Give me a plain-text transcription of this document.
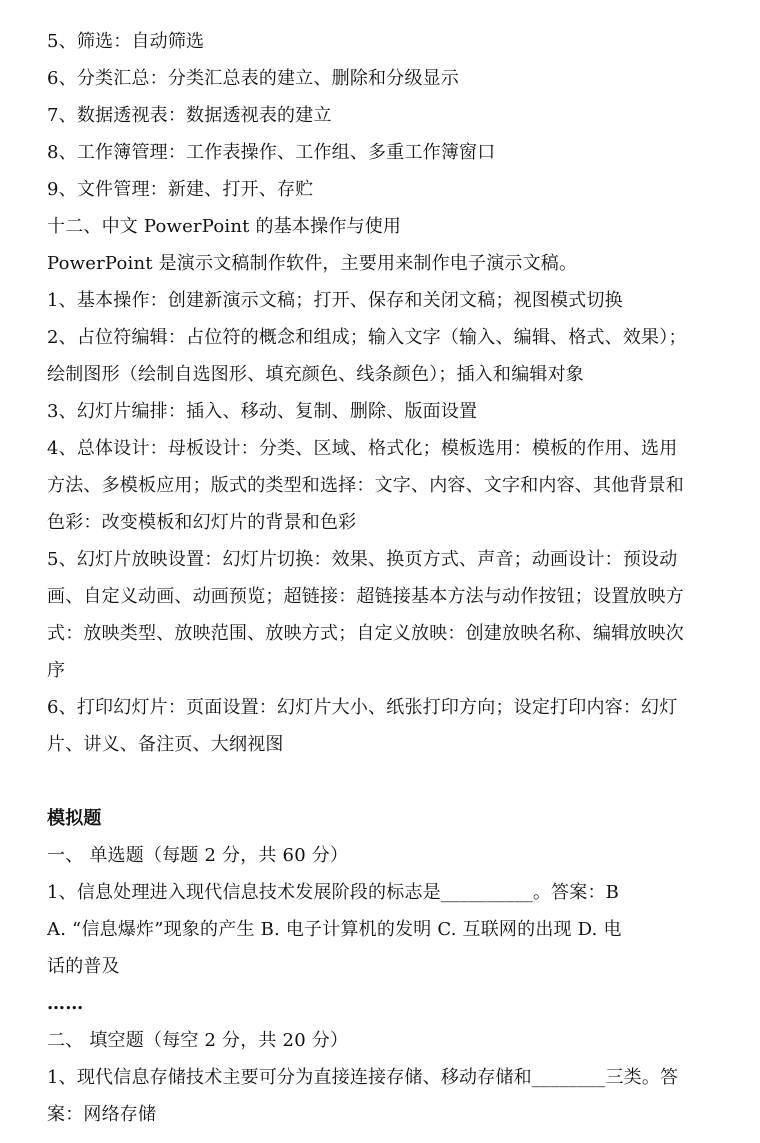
5、筛选：自动筛选
6、分类汇总：分类汇总表的建立、删除和分级显示
7、数据透视表：数据透视表的建立
8、工作簿管理：工作表操作、工作组、多重工作簿窗口
9、文件管理：新建、打开、存贮
十二、中文 PowerPoint 的基本操作与使用
PowerPoint 是演示文稿制作软件，主要用来制作电子演示文稿。
1、基本操作：创建新演示文稿；打开、保存和关闭文稿；视图模式切换
2、占位符编辑：占位符的概念和组成；输入文字（输入、编辑、格式、效果）；
绘制图形（绘制自选图形、填充颜色、线条颜色）；插入和编辑对象
3、幻灯片编排：插入、移动、复制、删除、版面设置
4、总体设计：母板设计：分类、区域、格式化；模板选用：模板的作用、选用
方法、多模板应用；版式的类型和选择：文字、内容、文字和内容、其他背景和
色彩：改变模板和幻灯片的背景和色彩
5、幻灯片放映设置：幻灯片切换：效果、换页方式、声音；动画设计：预设动
画、自定义动画、动画预览；超链接：超链接基本方法与动作按钮；设置放映方
式：放映类型、放映范围、放映方式；自定义放映：创建放映名称、编辑放映次
序
6、打印幻灯片：页面设置：幻灯片大小、纸张打印方向；设定打印内容：幻灯
片、讲义、备注页、大纲视图
模拟题
一、 单选题（每题 2 分，共 60 分）
1、信息处理进入现代信息技术发展阶段的标志是__________。答案：B
A. “信息爆炸”现象的产生 B. 电子计算机的发明 C. 互联网的出现 D. 电
话的普及
……
二、 填空题（每空 2 分，共 20 分）
1、现代信息存储技术主要可分为直接连接存储、移动存储和________三类。答
案：网络存储
